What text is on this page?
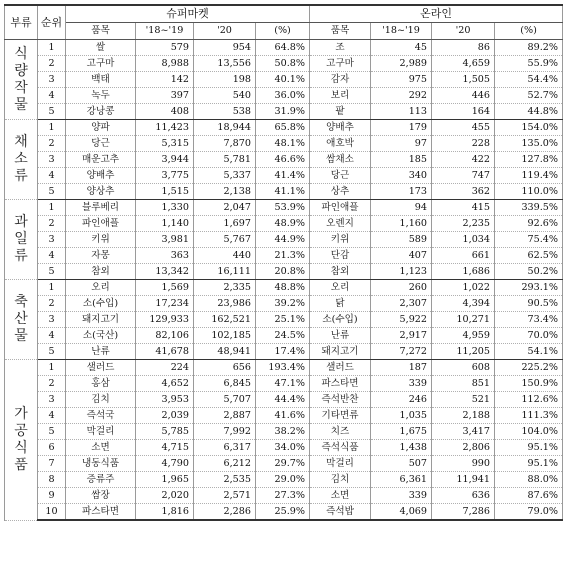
부류	순위	슈퍼마켓				온라인			
		품목	'18~'19	'20	(%)	품목	'18~'19	'20	(%)

식량작물	1	쌀	579	954	64.8%	조	45	86	89.2%
	2	고구마	8,988	13,556	50.8%	고구마	2,989	4,659	55.9%
	3	백태	142	198	40.1%	감자	975	1,505	54.4%
	4	녹두	397	540	36.0%	보리	292	446	52.7%
	5	강낭콩	408	538	31.9%	팥	113	164	44.8%

채소류	1	양파	11,423	18,944	65.8%	양배추	179	455	154.0%
	2	당근	5,315	7,870	48.1%	애호박	97	228	135.0%
	3	매운고추	3,944	5,781	46.6%	쌈채소	185	422	127.8%
	4	양배추	3,775	5,337	41.4%	당근	340	747	119.4%
	5	양상추	1,515	2,138	41.1%	상추	173	362	110.0%

과일류	1	블루베리	1,330	2,047	53.9%	파인애플	94	415	339.5%
	2	파인애플	1,140	1,697	48.9%	오렌지	1,160	2,235	92.6%
	3	키위	3,981	5,767	44.9%	키위	589	1,034	75.4%
	4	자몽	363	440	21.3%	단감	407	661	62.5%
	5	참외	13,342	16,111	20.8%	참외	1,123	1,686	50.2%

축산물	1	오리	1,569	2,335	48.8%	오리	260	1,022	293.1%
	2	소(수입)	17,234	23,986	39.2%	닭	2,307	4,394	90.5%
	3	돼지고기	129,933	162,521	25.1%	소(수입)	5,922	10,271	73.4%
	4	소(국산)	82,106	102,185	24.5%	난류	2,917	4,959	70.0%
	5	난류	41,678	48,941	17.4%	돼지고기	7,272	11,205	54.1%

가공식품	1	샐러드	224	656	193.4%	샐러드	187	608	225.2%
	2	홍삼	4,652	6,845	47.1%	파스타면	339	851	150.9%
	3	김치	3,953	5,707	44.4%	즉석반찬	246	521	112.6%
	4	즉석국	2,039	2,887	41.6%	기타면류	1,035	2,188	111.3%
	5	막걸리	5,785	7,992	38.2%	치즈	1,675	3,417	104.0%
	6	소면	4,715	6,317	34.0%	즉석식품	1,438	2,806	95.1%
	7	냉동식품	4,790	6,212	29.7%	막걸리	507	990	95.1%
	8	증류주	1,965	2,535	29.0%	김치	6,361	11,941	88.0%
	9	쌈장	2,020	2,571	27.3%	소면	339	636	87.6%
	10	파스타면	1,816	2,286	25.9%	즉석밥	4,069	7,286	79.0%
